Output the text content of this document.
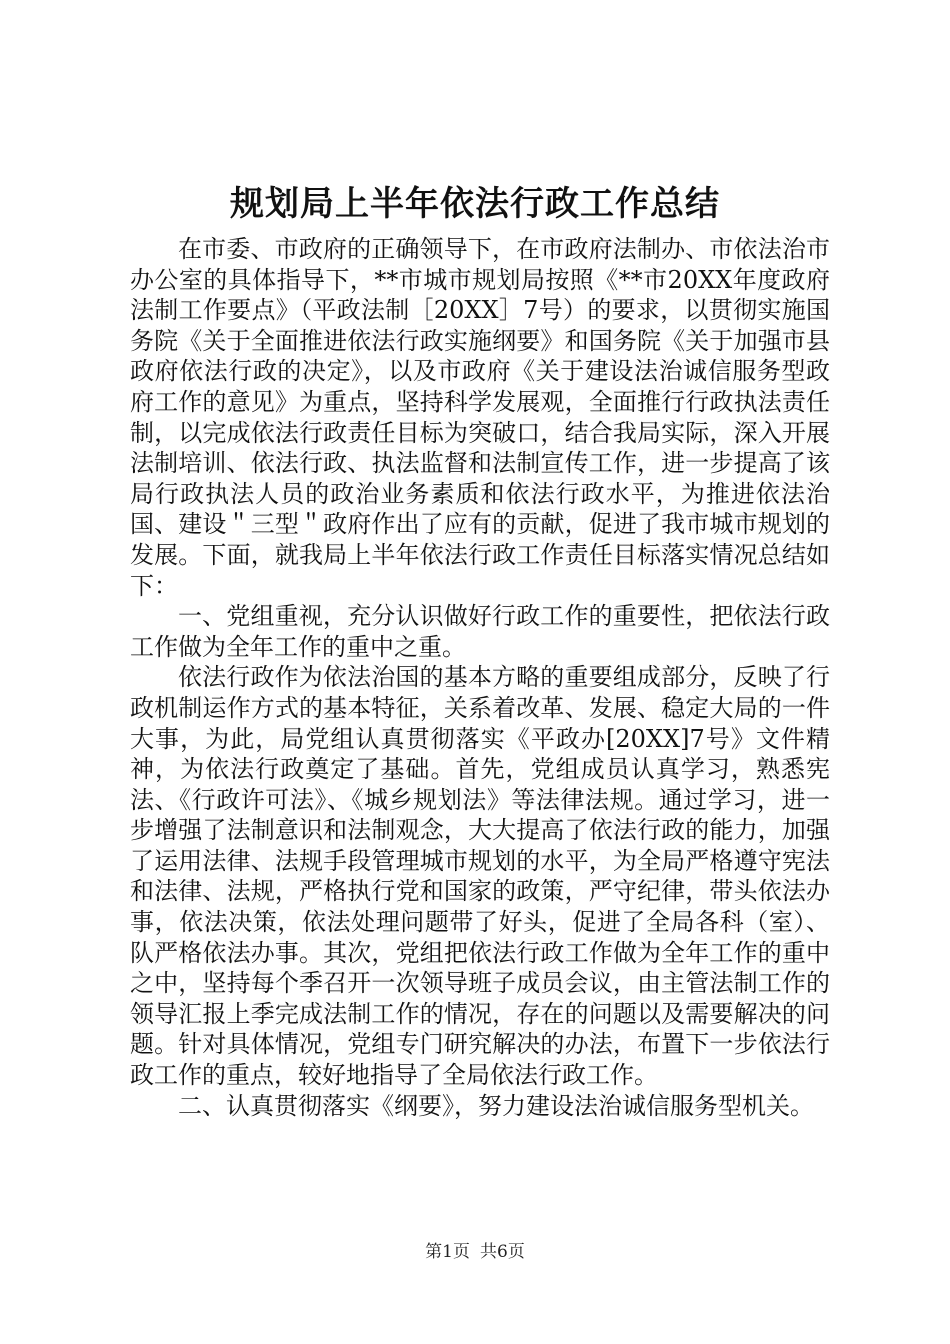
规划局上半年依法行政工作总结

在市委、市政府的正确领导下，在市政府法制办、市依法治市办公室的具体指导下，**市城市规划局按照《**市20XX年度政府法制工作要点》（平政法制［20XX］7号）的要求，以贯彻实施国务院《关于全面推进依法行政实施纲要》和国务院《关于加强市县政府依法行政的决定》，以及市政府《关于建设法治诚信服务型政府工作的意见》为重点，坚持科学发展观，全面推行行政执法责任制，以完成依法行政责任目标为突破口，结合我局实际，深入开展法制培训、依法行政、执法监督和法制宣传工作，进一步提高了该局行政执法人员的政治业务素质和依法行政水平，为推进依法治国、建设＂三型＂政府作出了应有的贡献，促进了我市城市规划的发展。下面，就我局上半年依法行政工作责任目标落实情况总结如下：

一、党组重视，充分认识做好行政工作的重要性，把依法行政工作做为全年工作的重中之重。

依法行政作为依法治国的基本方略的重要组成部分，反映了行政机制运作方式的基本特征，关系着改革、发展、稳定大局的一件大事，为此，局党组认真贯彻落实《平政办[20XX]7号》文件精神，为依法行政奠定了基础。首先，党组成员认真学习，熟悉宪法、《行政许可法》、《城乡规划法》等法律法规。通过学习，进一步增强了法制意识和法制观念，大大提高了依法行政的能力，加强了运用法律、法规手段管理城市规划的水平，为全局严格遵守宪法和法律、法规，严格执行党和国家的政策，严守纪律，带头依法办事，依法决策，依法处理问题带了好头，促进了全局各科（室）、队严格依法办事。其次，党组把依法行政工作做为全年工作的重中之中，坚持每个季召开一次领导班子成员会议，由主管法制工作的领导汇报上季完成法制工作的情况，存在的问题以及需要解决的问题。针对具体情况，党组专门研究解决的办法，布置下一步依法行政工作的重点，较好地指导了全局依法行政工作。

二、认真贯彻落实《纲要》，努力建设法治诚信服务型机关。

第1页 共6页
